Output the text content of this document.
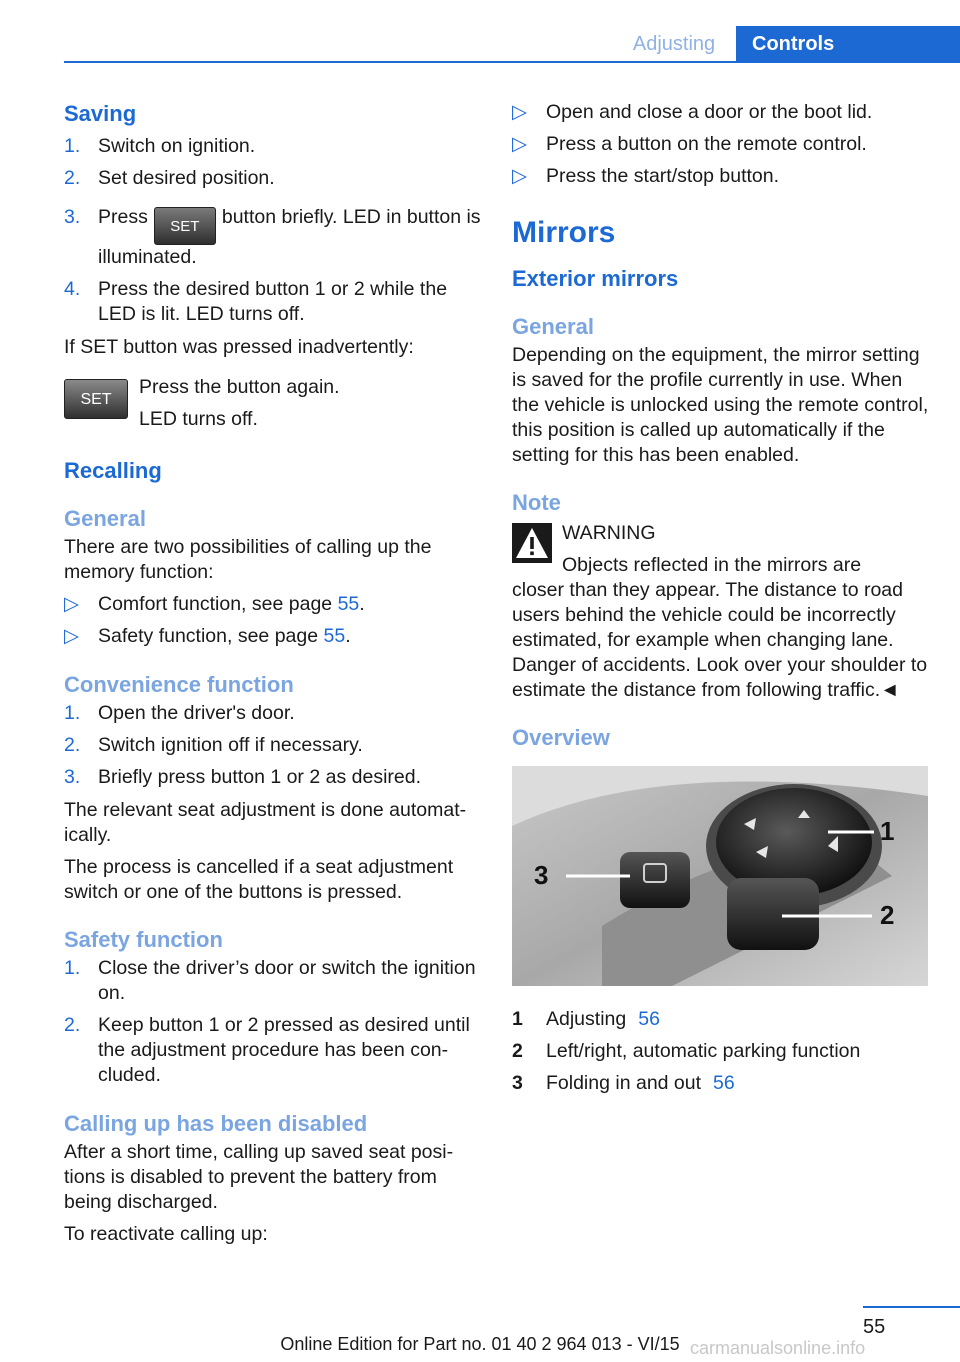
Adjusting	Controls
Saving
1. Switch on ignition.
2. Set desired position.
3. Press SET button briefly. LED in button is illuminated.
4. Press the desired button 1 or 2 while the LED is lit. LED turns off.

If SET button was pressed inadvertently:

SET
Press the button again.
LED turns off.
Recalling
General

There are two possibilities of calling up the memory function:

▷ Comfort function, see page 55.
▷ Safety function, see page 55.
Convenience function
1. Open the driver's door.
2. Switch ignition off if necessary.
3. Briefly press button 1 or 2 as desired.

The relevant seat adjustment is done automatically.

The process is cancelled if a seat adjustment switch or one of the buttons is pressed.

Safety function
1. Close the driver’s door or switch the ignition on.
2. Keep button 1 or 2 pressed as desired until the adjustment procedure has been concluded.
Calling up has been disabled

After a short time, calling up saved seat positions is disabled to prevent the battery from being discharged.

To reactivate calling up:

▷ Open and close a door or the boot lid.
▷ Press a button on the remote control.
▷ Press the start/stop button.
Mirrors
Exterior mirrors
General

Depending on the equipment, the mirror setting is saved for the profile currently in use. When the vehicle is unlocked using the remote control, this position is called up automatically if the setting for this has been enabled.

Note

WARNING

Objects reflected in the mirrors are
closer than they appear. The distance to road users behind the vehicle could be incorrectly estimated, for example when changing lane. Danger of accidents. Look over your shoulder to estimate the distance from following traffic.◄

Overview
1
2
3
1 Adjusting 56
2 Left/right, automatic parking function
3 Folding in and out 56
55
Online Edition for Part no. 01 40 2 964 013 - VI/15 carmanualsonline.info
